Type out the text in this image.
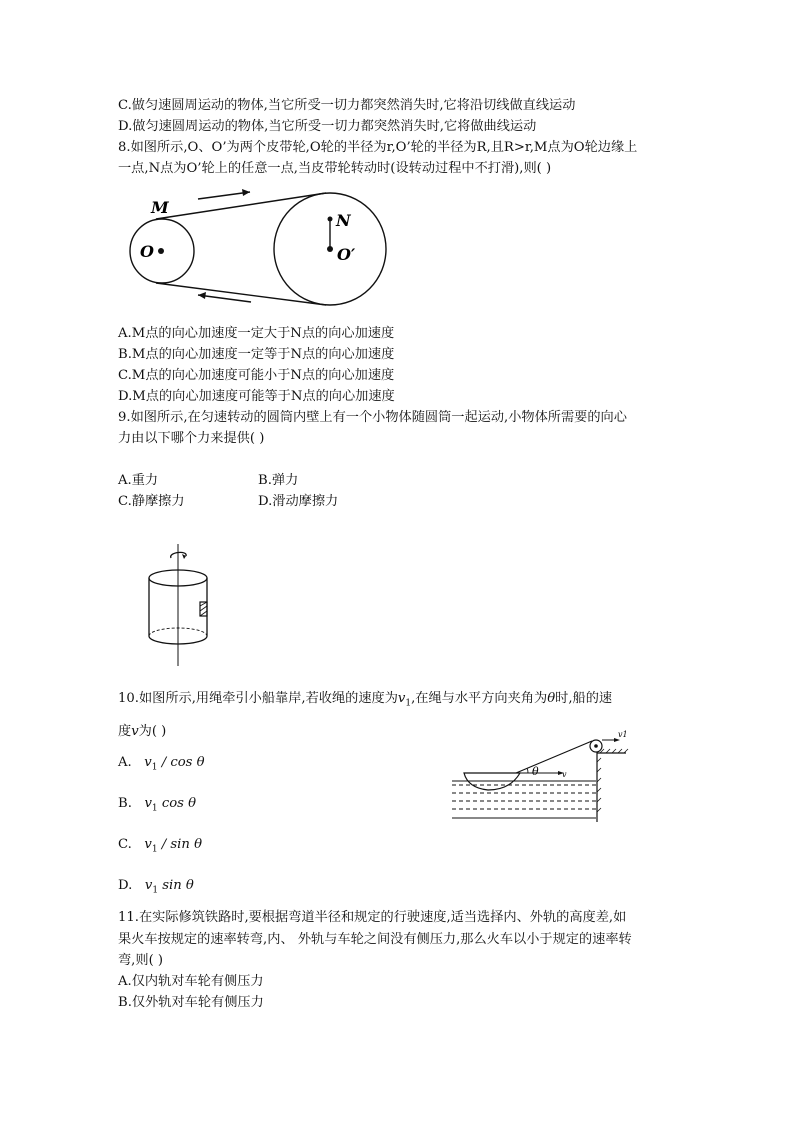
C.做匀速圆周运动的物体,当它所受一切力都突然消失时,它将沿切线做直线运动
D.做匀速圆周运动的物体,当它所受一切力都突然消失时,它将做曲线运动
8.如图所示,O、O’为两个皮带轮,O轮的半径为r,O’轮的半径为R,且R>r,M点为O轮边缘上
一点,N点为O’轮上的任意一点,当皮带轮转动时(设转动过程中不打滑),则( )
M
O
N
O′
A.M点的向心加速度一定大于N点的向心加速度
B.M点的向心加速度一定等于N点的向心加速度
C.M点的向心加速度可能小于N点的向心加速度
D.M点的向心加速度可能等于N点的向心加速度
9.如图所示,在匀速转动的圆筒内壁上有一个小物体随圆筒一起运动,小物体所需要的向心
力由以下哪个力来提供( )
A.重力	B.弹力
C.静摩擦力	D.滑动摩擦力
10.如图所示,用绳牵引小船靠岸,若收绳的速度为$v_1$,在绳与水平方向夹角为θ时,船的速
度v为( )
A. $v_1$ / cos θ
B. $v_1$ cos θ
C. $v_1$ / sin θ
D. $v_1$ sin θ
v1
v
θ
11.在实际修筑铁路时,要根据弯道半径和规定的行驶速度,适当选择内、外轨的高度差,如
果火车按规定的速率转弯,内、 外轨与车轮之间没有侧压力,那么火车以小于规定的速率转
弯,则( )
A.仅内轨对车轮有侧压力
B.仅外轨对车轮有侧压力
